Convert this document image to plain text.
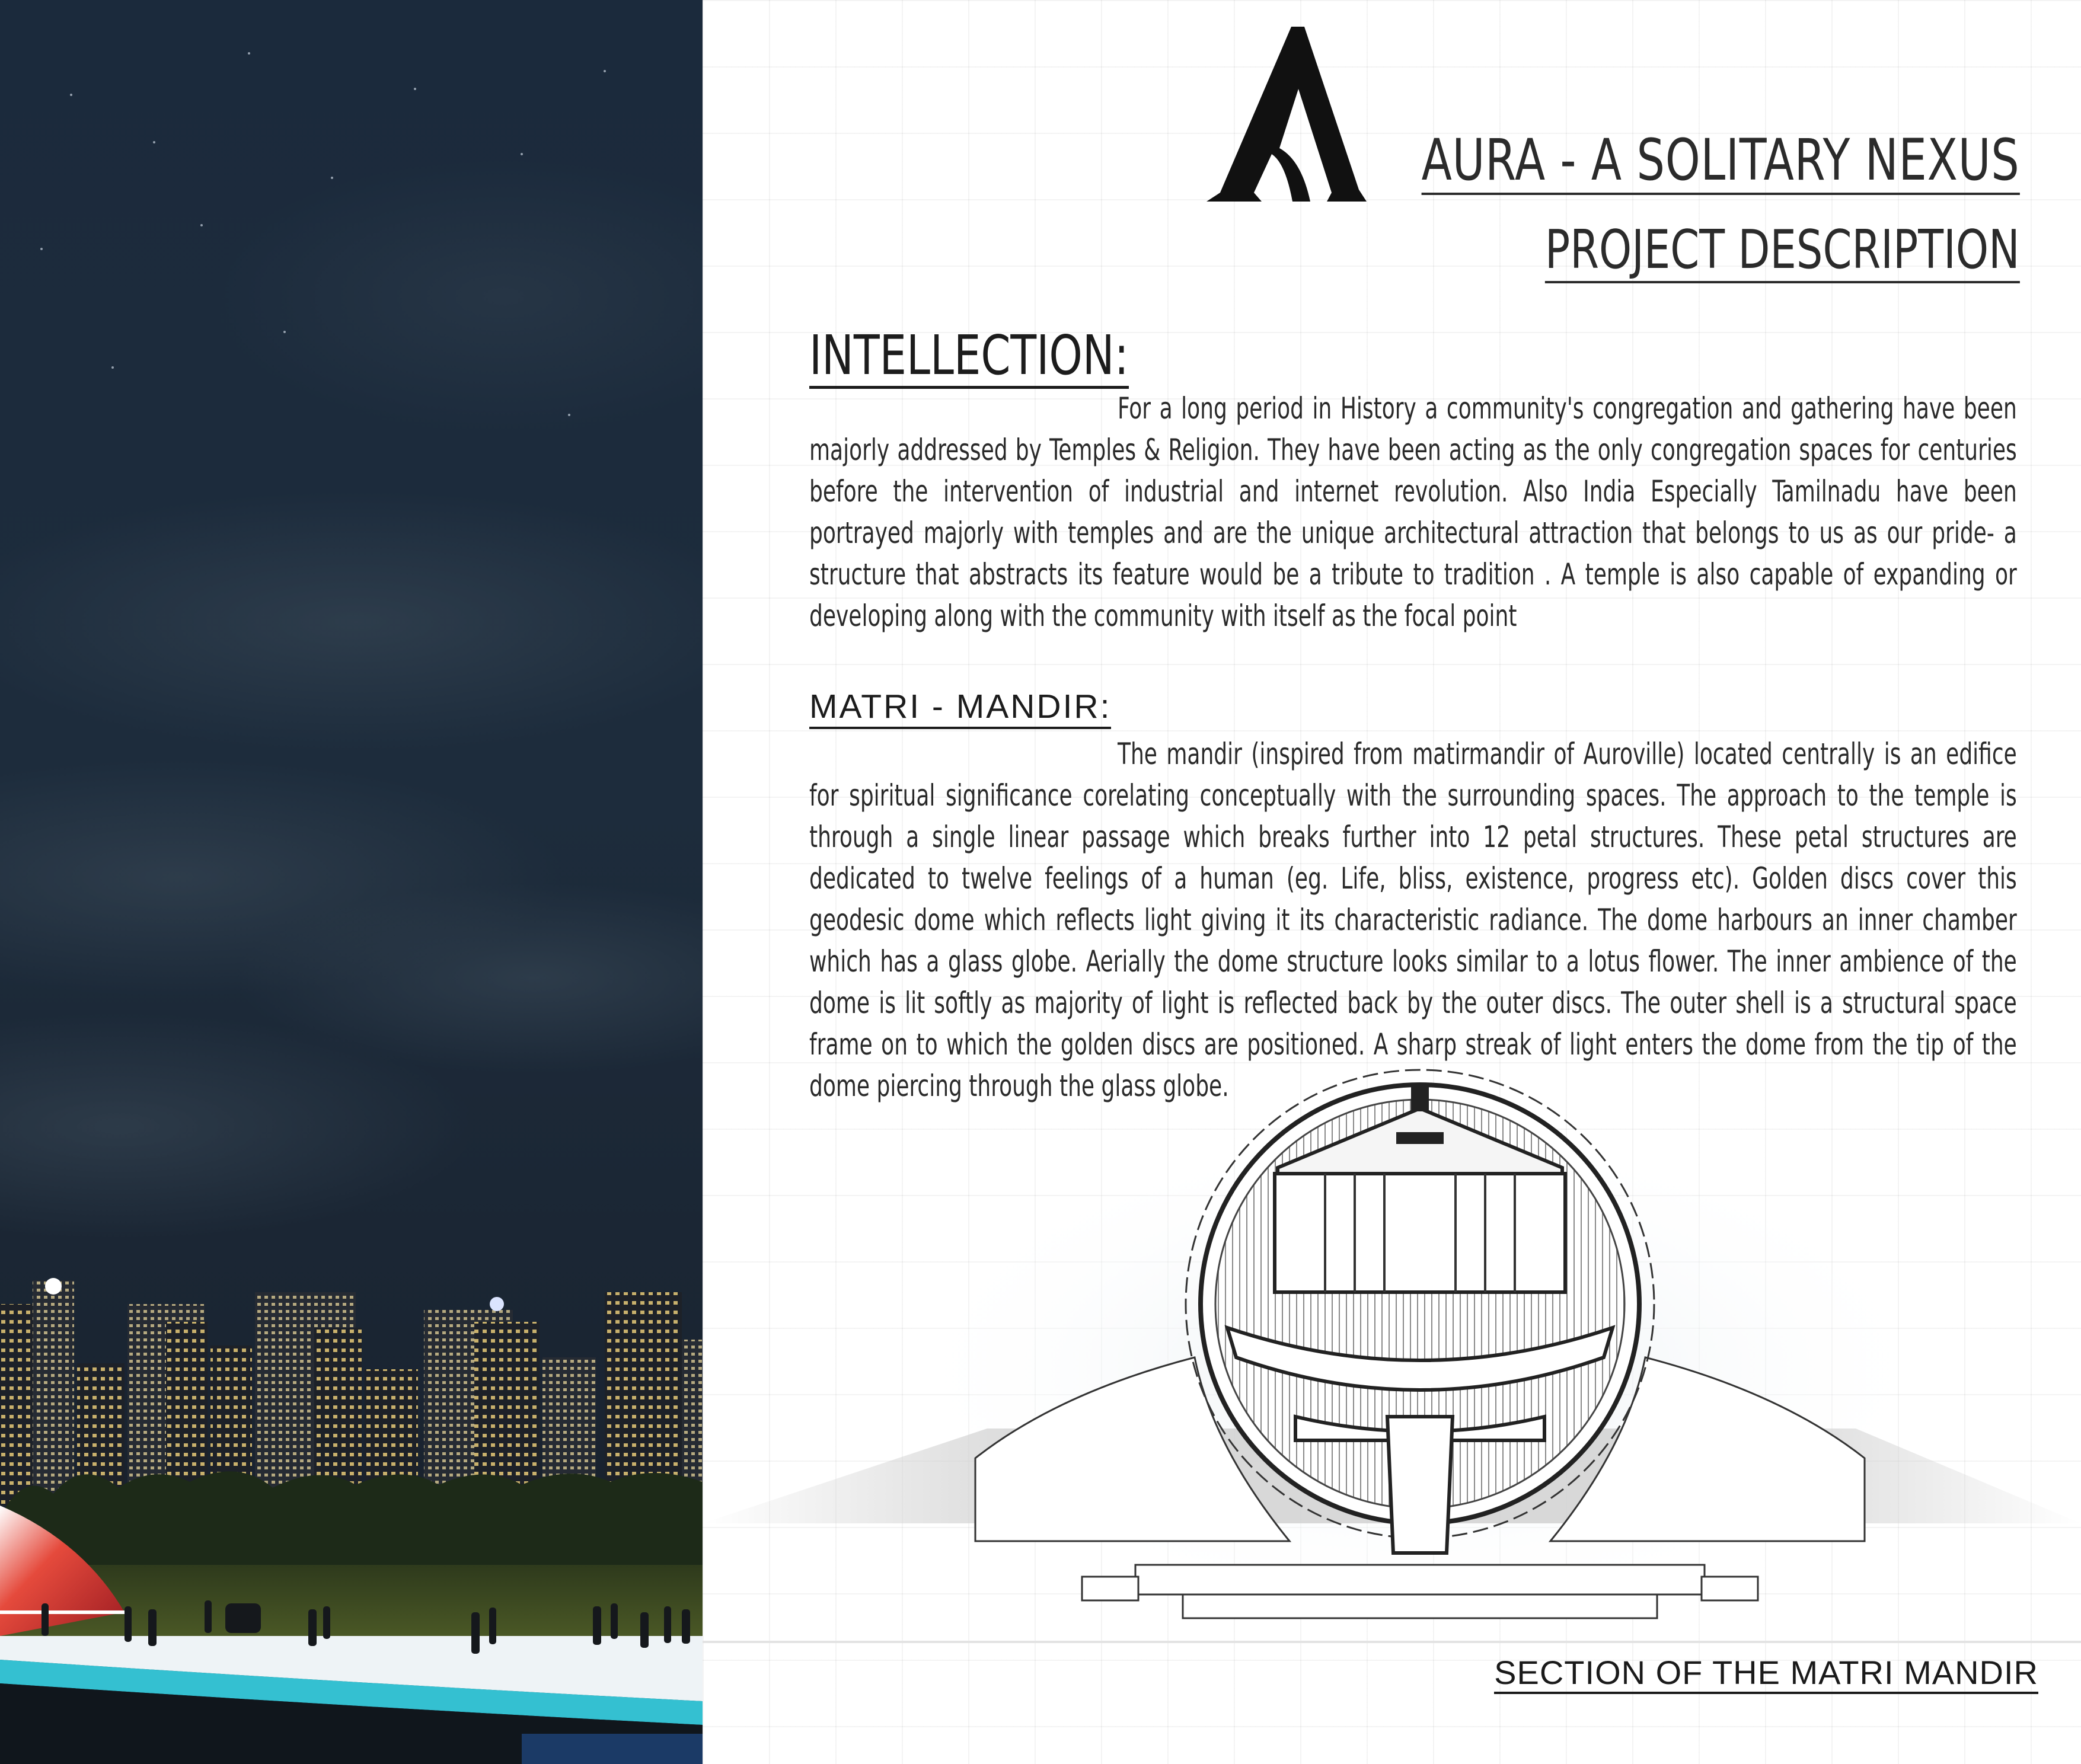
AURA - A SOLITARY NEXUS
PROJECT DESCRIPTION
INTELLECTION:

For a long period in History a community's congregation and gathering have been majorly addressed by Temples & Religion. They have been acting as the only congregation spaces for centuries before the intervention of industrial and internet revolution. Also India Especially Tamilnadu have been portrayed majorly with temples and are the unique architectural attraction that belongs to us as our pride- a structure that abstracts its feature would be a tribute to tradition . A temple is also capable of expanding or developing along with the community with itself as the focal point

MATRI - MANDIR:

The mandir (inspired from matirmandir of Auroville) located centrally is an edifice for spiritual significance corelating conceptually with the surrounding spaces. The approach to the temple is through a single linear passage which breaks further into 12 petal structures. These petal structures are dedicated to twelve feelings of a human (eg. Life, bliss, existence, progress etc). Golden discs cover this geodesic dome which reflects light giving it its characteristic radiance. The dome harbours an inner chamber which has a glass globe. Aerially the dome structure looks similar to a lotus flower. The inner ambience of the dome is lit softly as majority of light is reflected back by the outer discs. The outer shell is a structural space frame on to which the golden discs are positioned. A sharp streak of light enters the dome from the tip of the dome piercing through the glass globe.

SECTION OF THE MATRI MANDIR
